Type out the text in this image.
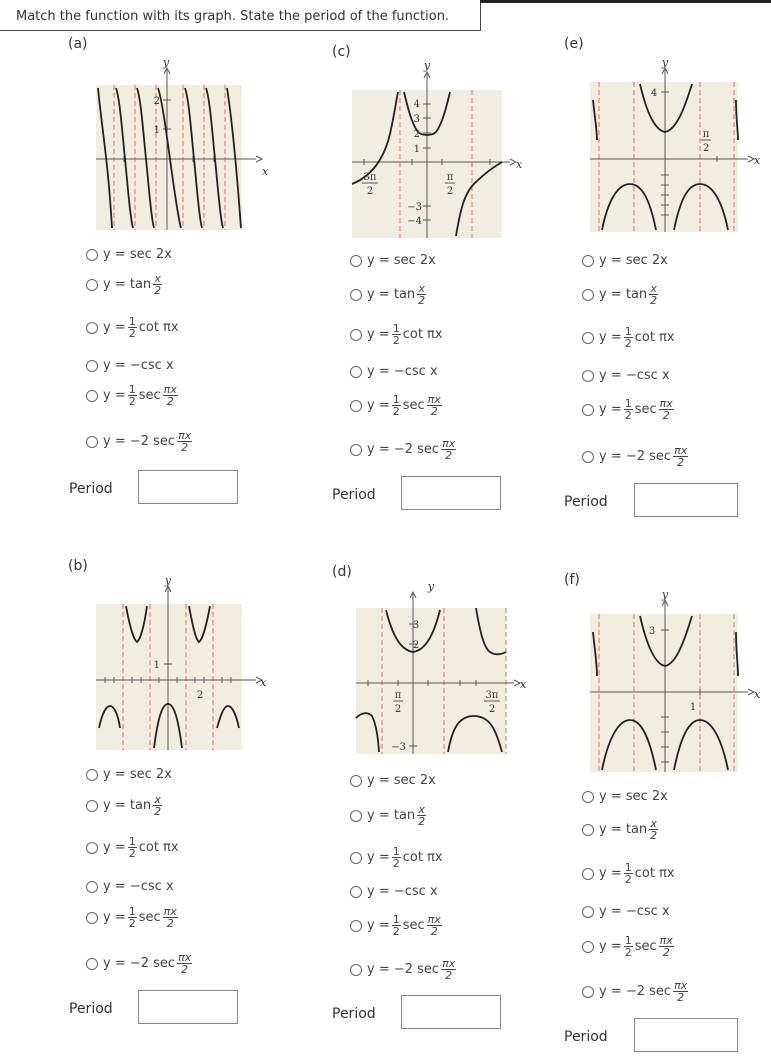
Match the function with its graph. State the period of the function.
(a)
y
x
2
1
y = sec 2x
$y = \tan \frac{x}{2}$
$y = \frac{1}{2}$ cot πx
y = −csc x
$y = \frac{1}{2}$ $\sec \frac{\pi x}{2}$
y = −2 $\sec \frac{\pi x}{2}$
Period
(c)
y
x
4
3
2
1
−3
−4
3π
2
π
2
y = sec 2x
$y = \tan \frac{x}{2}$
$y = \frac{1}{2}$ cot πx
y = −csc x
$y = \frac{1}{2}$ $\sec \frac{\pi x}{2}$
y = −2 $\sec \frac{\pi x}{2}$
Period
(e)
y
x
4
π
2
y = sec 2x
$y = \tan \frac{x}{2}$
$y = \frac{1}{2}$ cot πx
y = −csc x
$y = \frac{1}{2}$ $\sec \frac{\pi x}{2}$
y = −2 $\sec \frac{\pi x}{2}$
Period
(b)
y
x
1
2
y = sec 2x
$y = \tan \frac{x}{2}$
$y = \frac{1}{2}$ cot πx
y = −csc x
$y = \frac{1}{2}$ $\sec \frac{\pi x}{2}$
y = −2 $\sec \frac{\pi x}{2}$
Period
(d)
y
x
3
2
π
2
3π
2
−3
y = sec 2x
$y = \tan \frac{x}{2}$
$y = \frac{1}{2}$ cot πx
y = −csc x
$y = \frac{1}{2}$ $\sec \frac{\pi x}{2}$
y = −2 $\sec \frac{\pi x}{2}$
Period
(f)
y
x
3
1
y = sec 2x
$y = \tan \frac{x}{2}$
$y = \frac{1}{2}$ cot πx
y = −csc x
$y = \frac{1}{2}$ $\sec \frac{\pi x}{2}$
y = −2 $\sec \frac{\pi x}{2}$
Period
